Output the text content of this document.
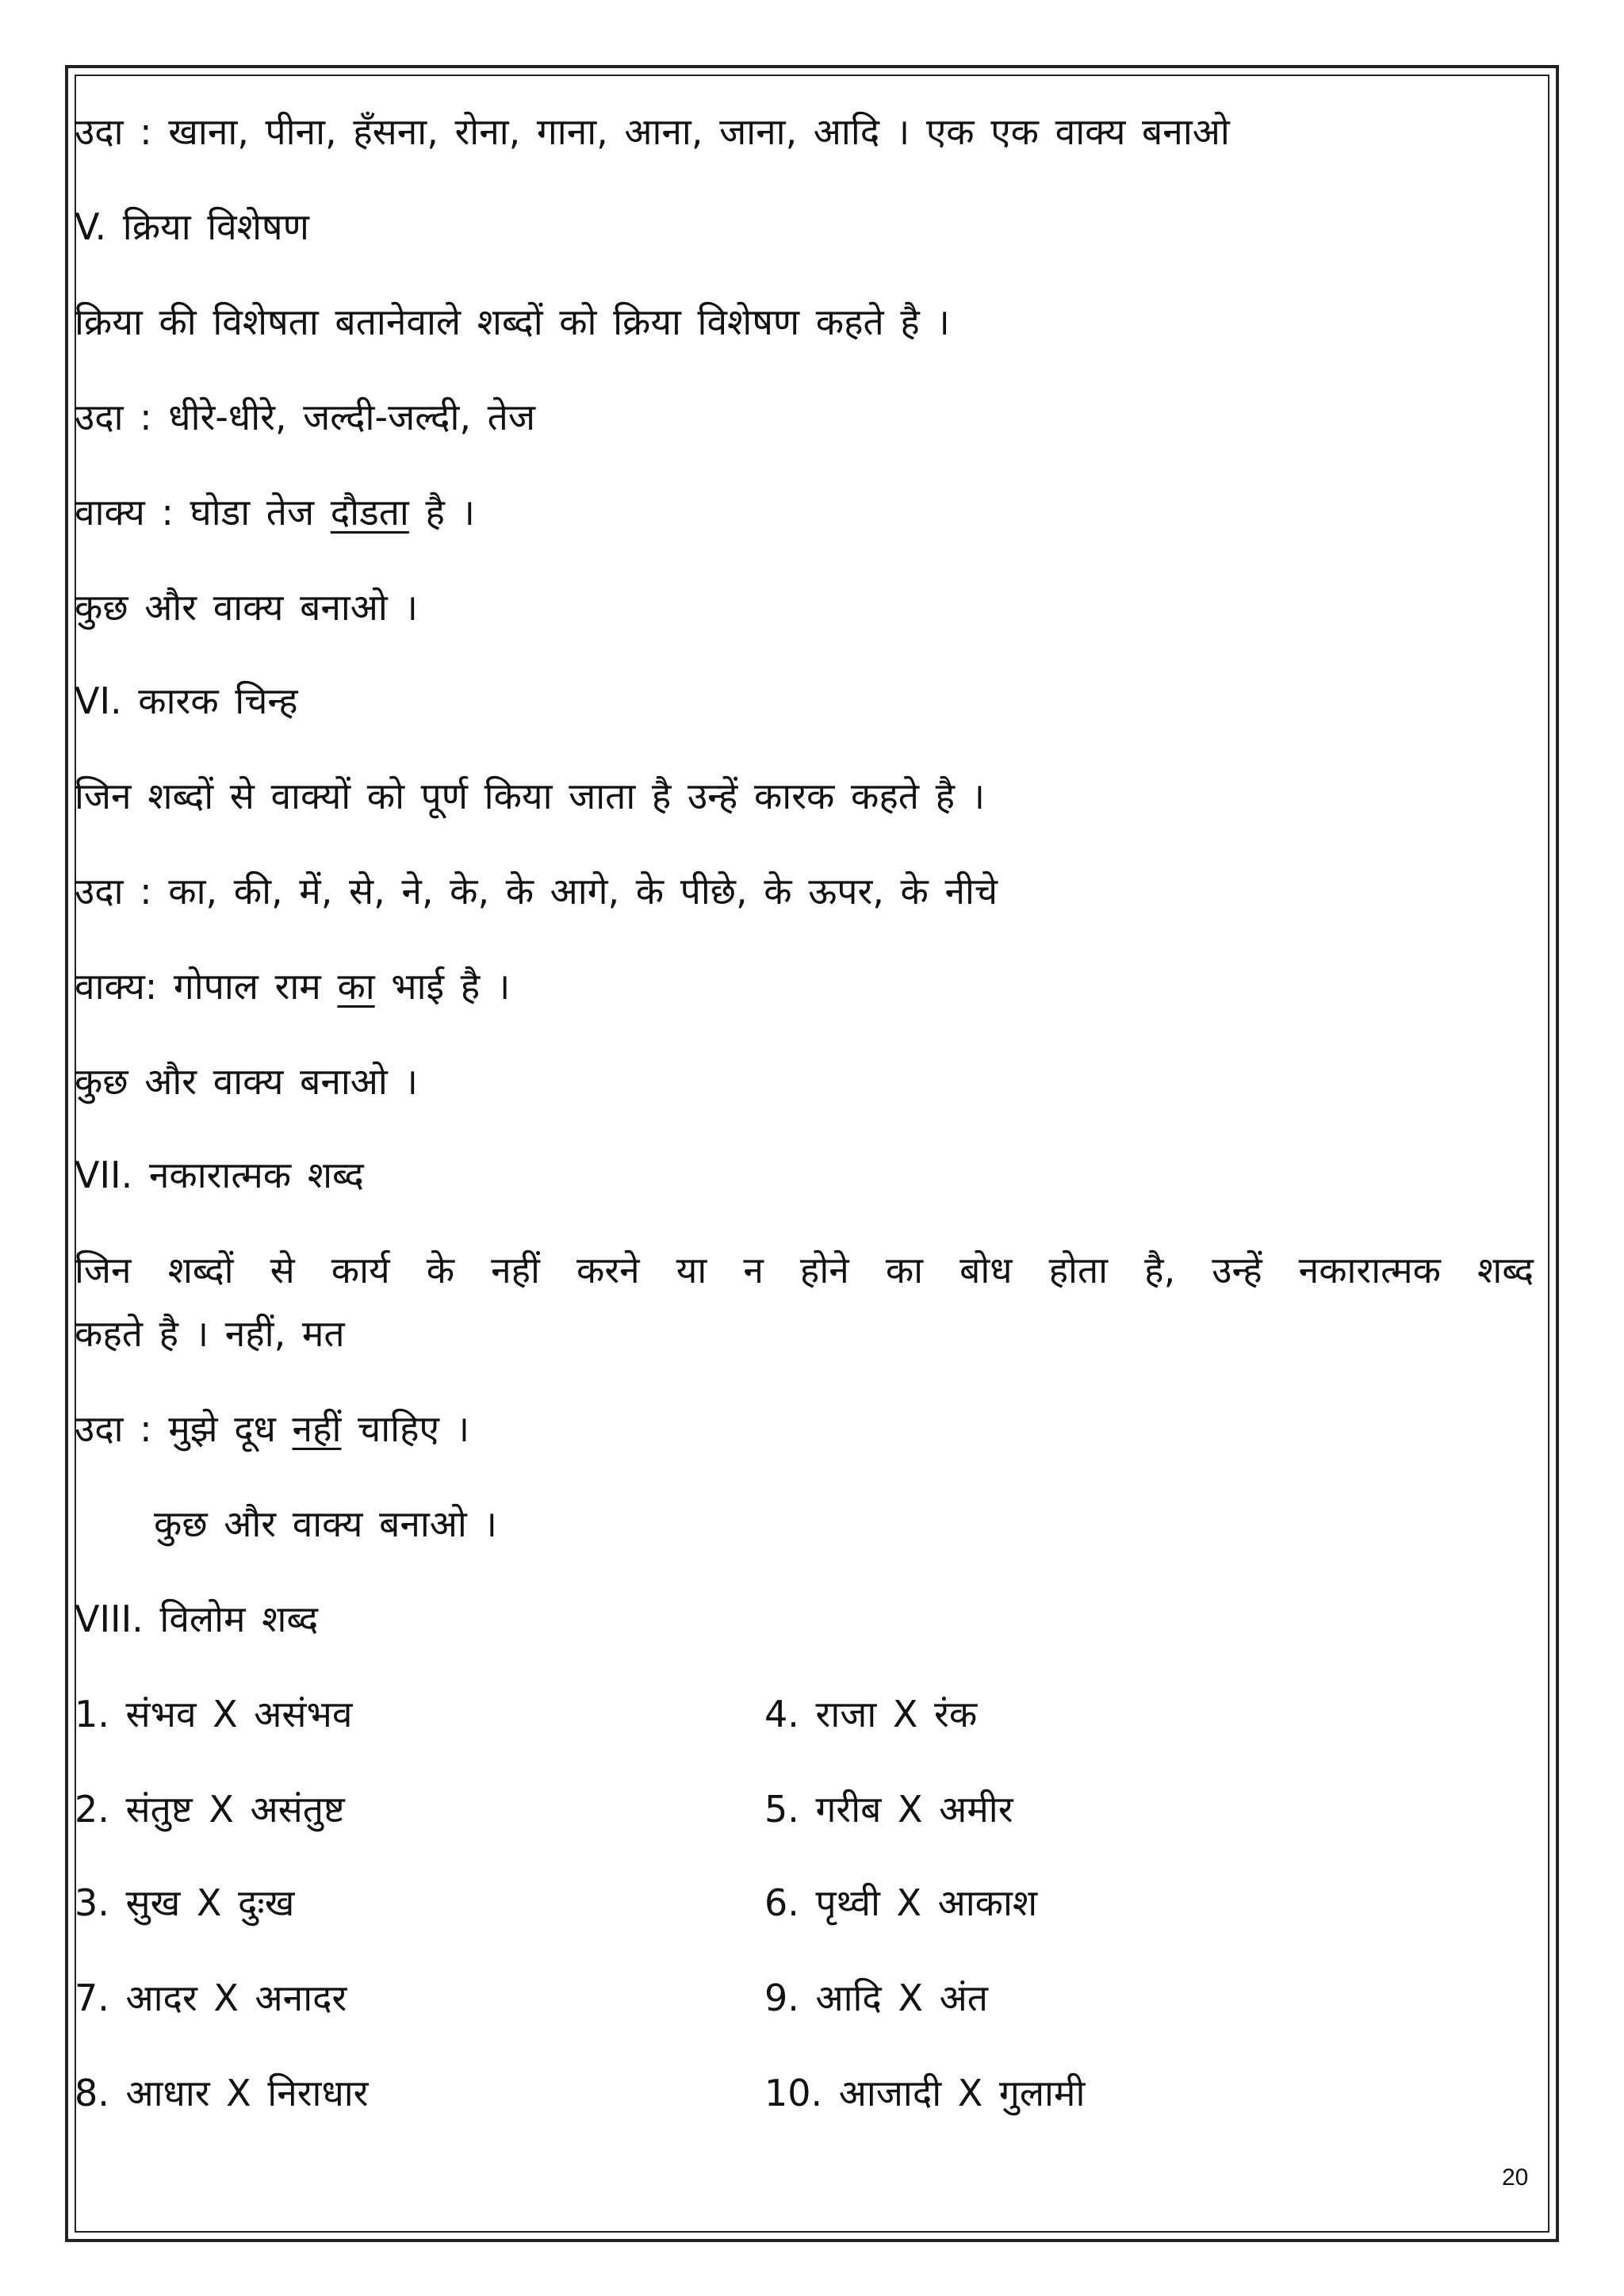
उदा : खाना, पीना, हँसना, रोना, गाना, आना, जाना, आदि । एक एक वाक्य बनाओ
V. क्रिया विशेषण
क्रिया की विशेषता बतानेवाले शब्दों को क्रिया विशेषण कहते है ।
उदा : धीरे-धीरे, जल्दी-जल्दी, तेज
वाक्य : घोडा तेज दौडता है ।
कुछ और वाक्य बनाओ ।
VI. कारक चिन्ह
जिन शब्दों से वाक्यों को पूर्ण किया जाता है उन्हें कारक कहते है ।
उदा : का, की, में, से, ने, के, के आगे, के पीछे, के ऊपर, के नीचे
वाक्य: गोपाल राम का भाई है ।
कुछ और वाक्य बनाओ ।
VII. नकारात्मक शब्द
जिन शब्दों से कार्य के नहीं करने या न होने का बोध होता है, उन्हें नकारात्मक शब्द
कहते है । नहीं, मत
उदा : मुझे दूध नहीं चाहिए ।
कुछ और वाक्य बनाओ ।
VIII. विलोम शब्द
1. संभव X असंभव	4. राजा X रंक
2. संतुष्ट X असंतुष्ट	5. गरीब X अमीर
3. सुख X दुःख	6. पृथ्वी X आकाश
7. आदर X अनादर	9. आदि X अंत
8. आधार X निराधार	10. आजादी X गुलामी
20
